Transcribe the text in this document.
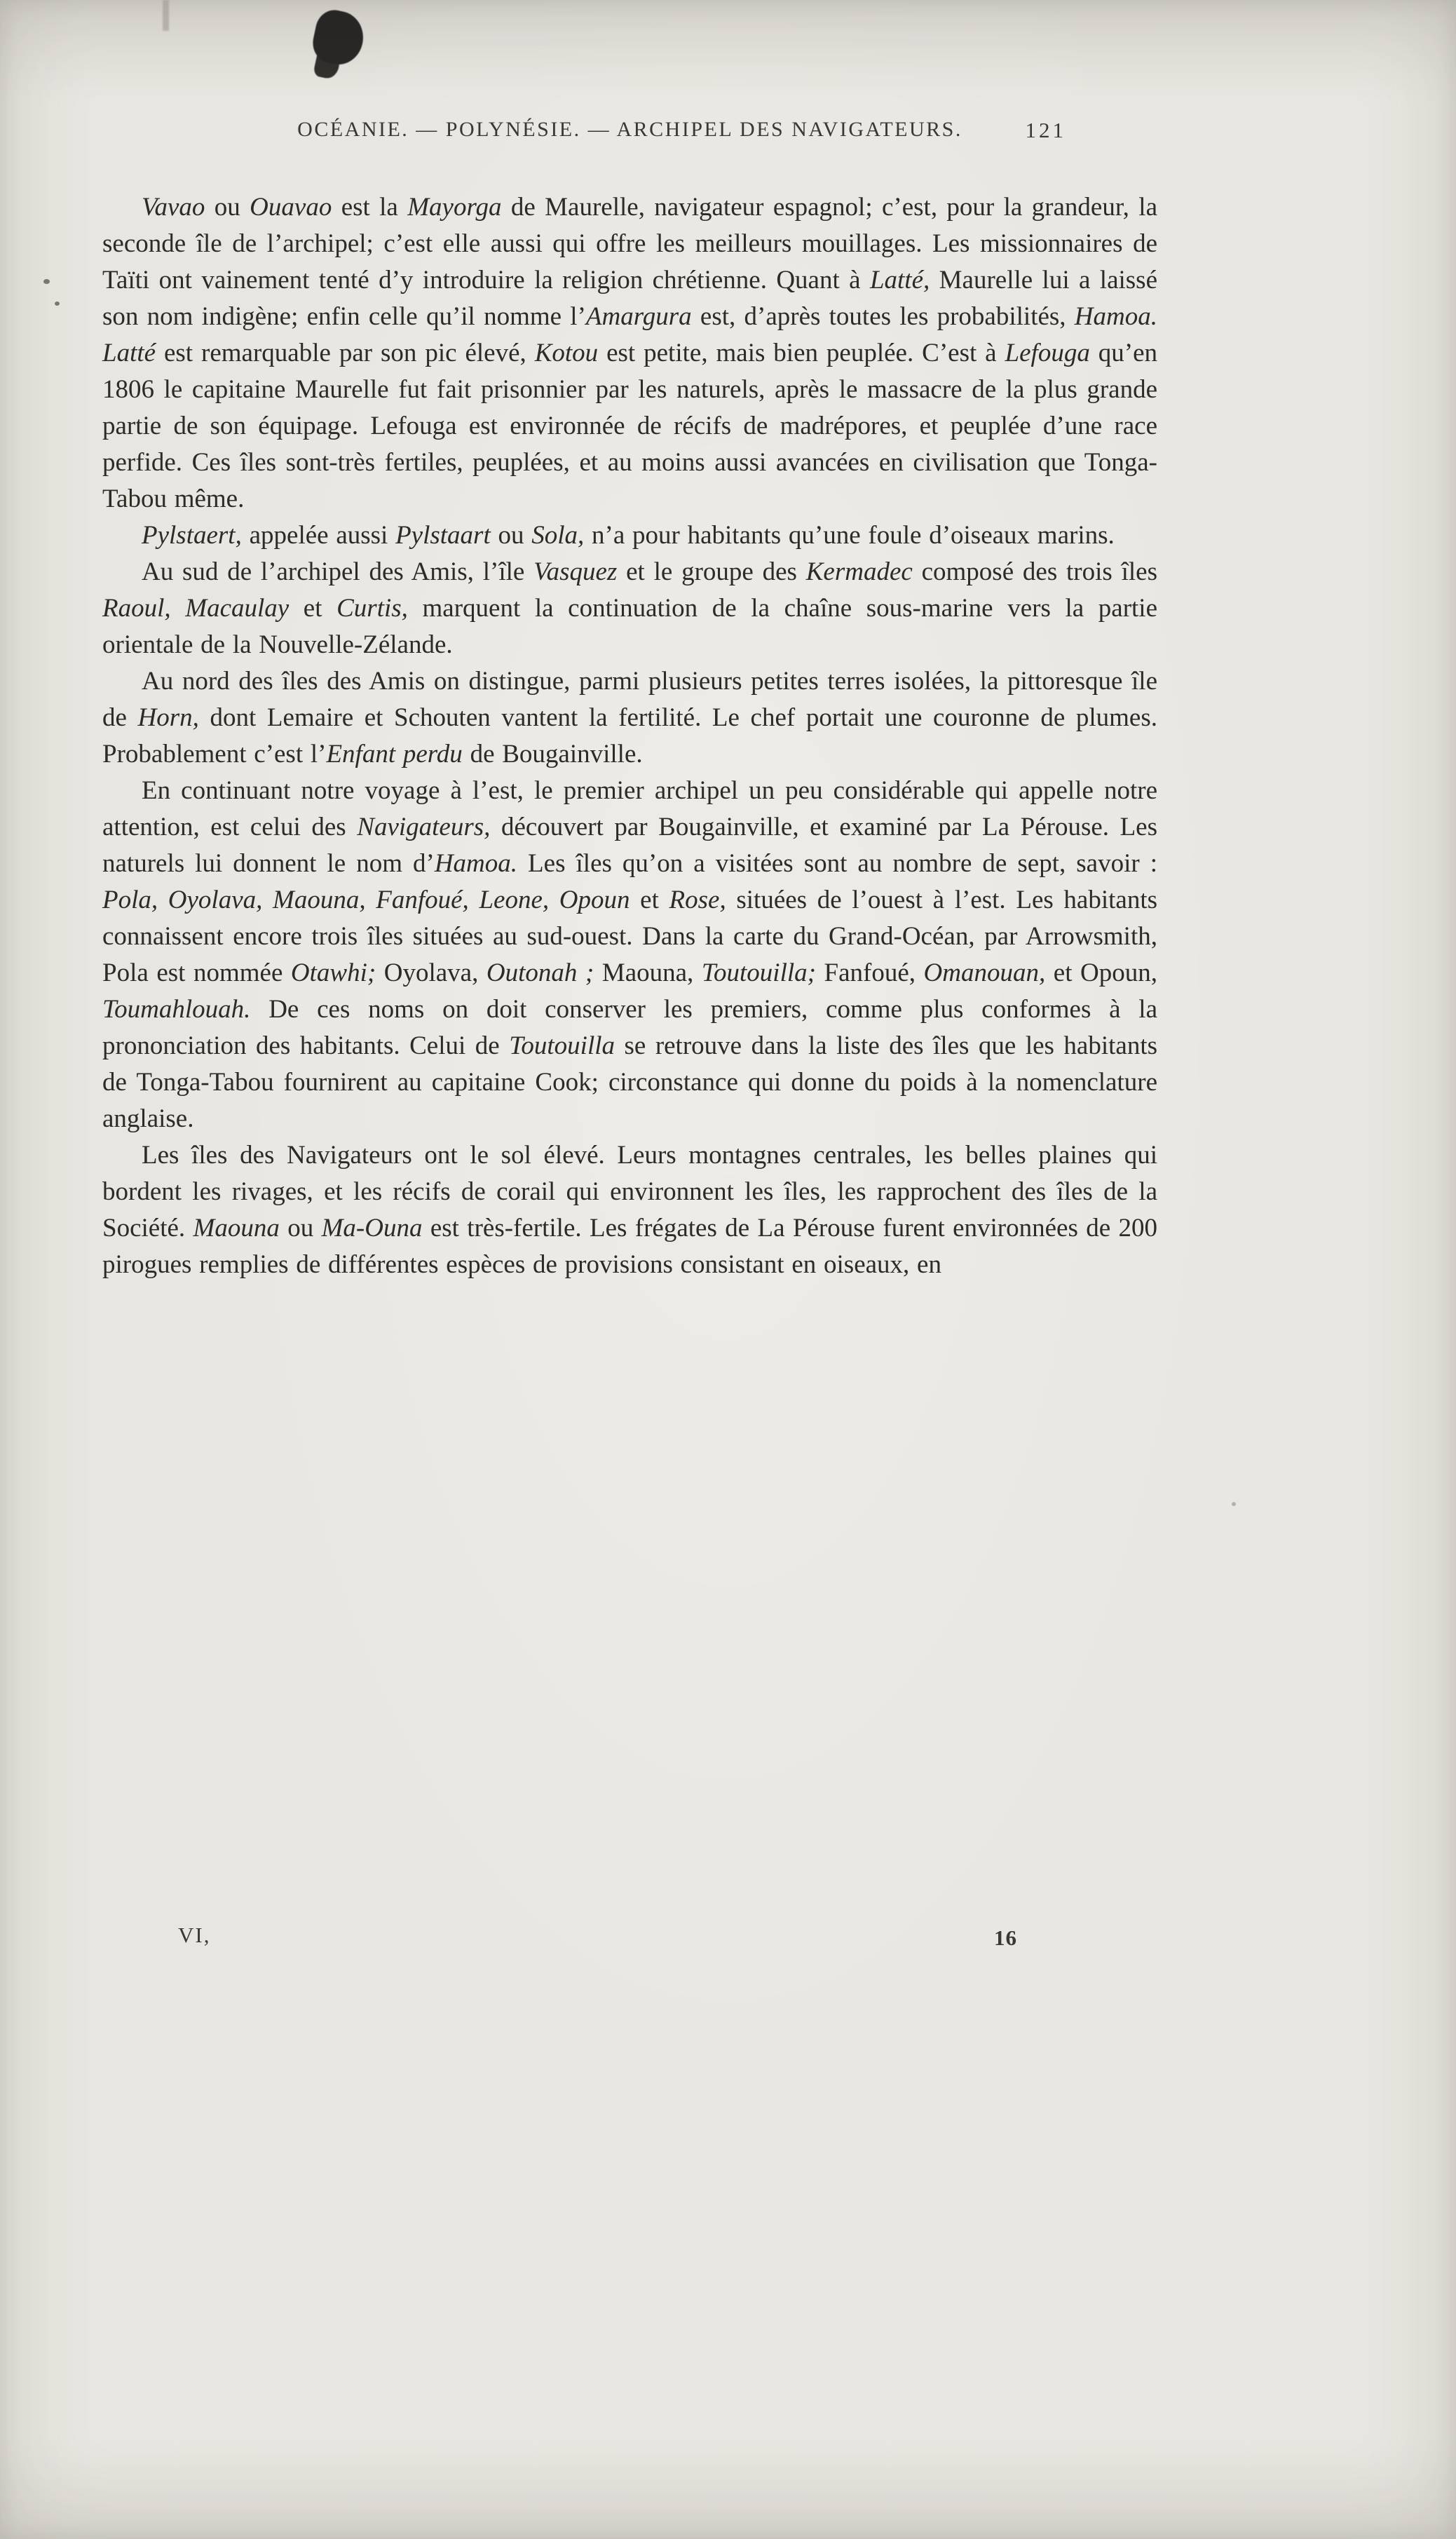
OCÉANIE. — POLYNÉSIE. — ARCHIPEL DES NAVIGATEURS.	121

Vavao ou Ouavao est la Mayorga de Maurelle, navigateur espagnol; c’est, pour la grandeur, la seconde île de l’archipel; c’est elle aussi qui offre les meilleurs mouillages. Les missionnaires de Taïti ont vainement tenté d’y introduire la religion chrétienne. Quant à Latté, Maurelle lui a laissé son nom indigène; enfin celle qu’il nomme l’Amargura est, d’après toutes les probabilités, Hamoa. Latté est remarquable par son pic élevé, Kotou est petite, mais bien peuplée. C’est à Lefouga qu’en 1806 le capitaine Maurelle fut fait prisonnier par les naturels, après le massacre de la plus grande partie de son équipage. Lefouga est environnée de récifs de madrépores, et peuplée d’une race perfide. Ces îles sont-très fertiles, peuplées, et au moins aussi avancées en civilisation que Tonga-Tabou même.

Pylstaert, appelée aussi Pylstaart ou Sola, n’a pour habitants qu’une foule d’oiseaux marins.

Au sud de l’archipel des Amis, l’île Vasquez et le groupe des Kermadec composé des trois îles Raoul, Macaulay et Curtis, marquent la continuation de la chaîne sous-marine vers la partie orientale de la Nouvelle-Zélande.

Au nord des îles des Amis on distingue, parmi plusieurs petites terres isolées, la pittoresque île de Horn, dont Lemaire et Schouten vantent la fertilité. Le chef portait une couronne de plumes. Probablement c’est l’Enfant perdu de Bougainville.

En continuant notre voyage à l’est, le premier archipel un peu considérable qui appelle notre attention, est celui des Navigateurs, découvert par Bougainville, et examiné par La Pérouse. Les naturels lui donnent le nom d’Hamoa. Les îles qu’on a visitées sont au nombre de sept, savoir : Pola, Oyolava, Maouna, Fanfoué, Leone, Opoun et Rose, situées de l’ouest à l’est. Les habitants connaissent encore trois îles situées au sud-ouest. Dans la carte du Grand-Océan, par Arrowsmith, Pola est nommée Otawhi; Oyolava, Outonah ; Maouna, Toutouilla; Fanfoué, Omanouan, et Opoun, Toumahlouah. De ces noms on doit conserver les premiers, comme plus conformes à la prononciation des habitants. Celui de Toutouilla se retrouve dans la liste des îles que les habitants de Tonga-Tabou fournirent au capitaine Cook; circonstance qui donne du poids à la nomenclature anglaise.

Les îles des Navigateurs ont le sol élevé. Leurs montagnes centrales, les belles plaines qui bordent les rivages, et les récifs de corail qui environnent les îles, les rapprochent des îles de la Société. Maouna ou Ma-Ouna est très-fertile. Les frégates de La Pérouse furent environnées de 200 pirogues remplies de différentes espèces de provisions consistant en oiseaux, en

VI,	16
